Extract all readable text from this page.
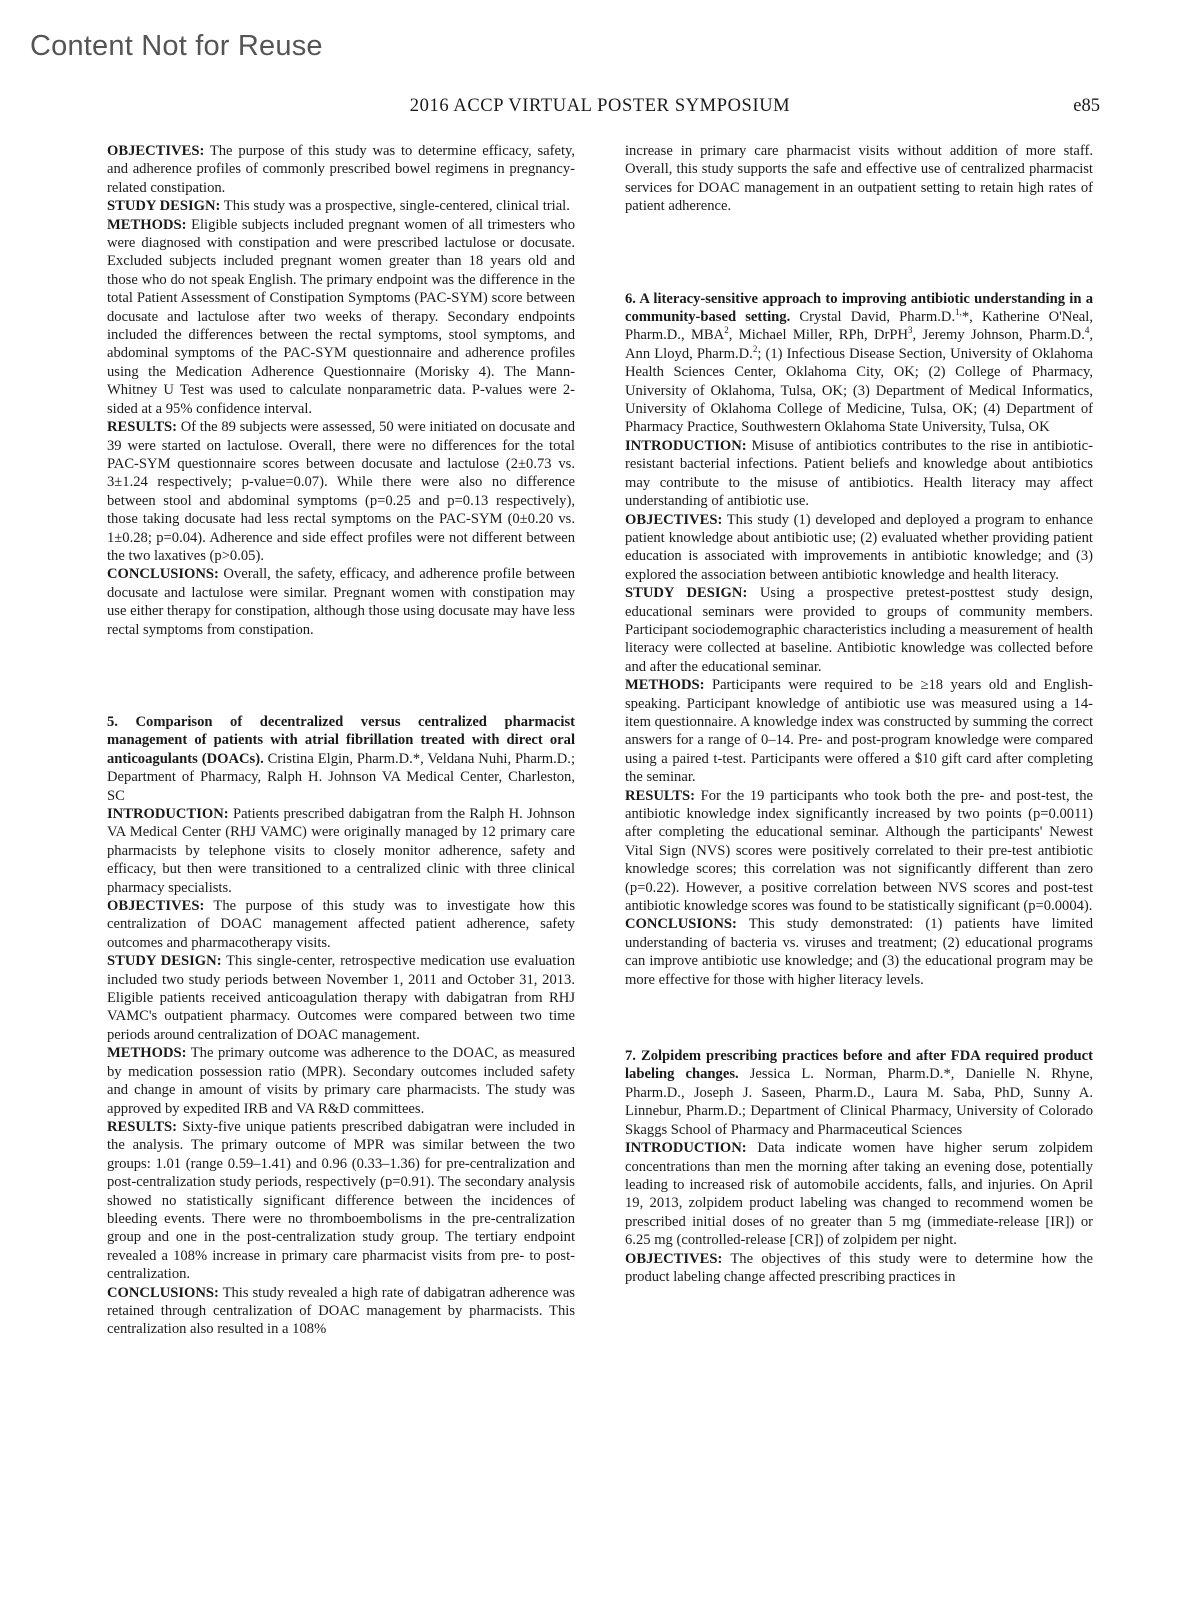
Content Not for Reuse
2016 ACCP VIRTUAL POSTER SYMPOSIUM	e85

OBJECTIVES: The purpose of this study was to determine efficacy, safety, and adherence profiles of commonly prescribed bowel regimens in pregnancy-related constipation.

STUDY DESIGN: This study was a prospective, single-centered, clinical trial.

METHODS: Eligible subjects included pregnant women of all trimesters who were diagnosed with constipation and were prescribed lactulose or docusate. Excluded subjects included pregnant women greater than 18 years old and those who do not speak English. The primary endpoint was the difference in the total Patient Assessment of Constipation Symptoms (PAC-SYM) score between docusate and lactulose after two weeks of therapy. Secondary endpoints included the differences between the rectal symptoms, stool symptoms, and abdominal symptoms of the PAC-SYM questionnaire and adherence profiles using the Medication Adherence Questionnaire (Morisky 4). The Mann-Whitney U Test was used to calculate nonparametric data. P-values were 2-sided at a 95% confidence interval.

RESULTS: Of the 89 subjects were assessed, 50 were initiated on docusate and 39 were started on lactulose. Overall, there were no differences for the total PAC-SYM questionnaire scores between docusate and lactulose (2±0.73 vs. 3±1.24 respectively; p-value=0.07). While there were also no difference between stool and abdominal symptoms (p=0.25 and p=0.13 respectively), those taking docusate had less rectal symptoms on the PAC-SYM (0±0.20 vs. 1±0.28; p=0.04). Adherence and side effect profiles were not different between the two laxatives (p>0.05).

CONCLUSIONS: Overall, the safety, efficacy, and adherence profile between docusate and lactulose were similar. Pregnant women with constipation may use either therapy for constipation, although those using docusate may have less rectal symptoms from constipation.

5. Comparison of decentralized versus centralized pharmacist management of patients with atrial fibrillation treated with direct oral anticoagulants (DOACs). Cristina Elgin, Pharm.D.*, Veldana Nuhi, Pharm.D.; Department of Pharmacy, Ralph H. Johnson VA Medical Center, Charleston, SC

INTRODUCTION: Patients prescribed dabigatran from the Ralph H. Johnson VA Medical Center (RHJ VAMC) were originally managed by 12 primary care pharmacists by telephone visits to closely monitor adherence, safety and efficacy, but then were transitioned to a centralized clinic with three clinical pharmacy specialists.

OBJECTIVES: The purpose of this study was to investigate how this centralization of DOAC management affected patient adherence, safety outcomes and pharmacotherapy visits.

STUDY DESIGN: This single-center, retrospective medication use evaluation included two study periods between November 1, 2011 and October 31, 2013. Eligible patients received anticoagulation therapy with dabigatran from RHJ VAMC's outpatient pharmacy. Outcomes were compared between two time periods around centralization of DOAC management.

METHODS: The primary outcome was adherence to the DOAC, as measured by medication possession ratio (MPR). Secondary outcomes included safety and change in amount of visits by primary care pharmacists. The study was approved by expedited IRB and VA R&D committees.

RESULTS: Sixty-five unique patients prescribed dabigatran were included in the analysis. The primary outcome of MPR was similar between the two groups: 1.01 (range 0.59–1.41) and 0.96 (0.33–1.36) for pre-centralization and post-centralization study periods, respectively (p=0.91). The secondary analysis showed no statistically significant difference between the incidences of bleeding events. There were no thromboembolisms in the pre-centralization group and one in the post-centralization study group. The tertiary endpoint revealed a 108% increase in primary care pharmacist visits from pre- to post-centralization.

CONCLUSIONS: This study revealed a high rate of dabigatran adherence was retained through centralization of DOAC management by pharmacists. This centralization also resulted in a 108%

increase in primary care pharmacist visits without addition of more staff. Overall, this study supports the safe and effective use of centralized pharmacist services for DOAC management in an outpatient setting to retain high rates of patient adherence.

6. A literacy-sensitive approach to improving antibiotic understanding in a community-based setting. Crystal David, Pharm.D.$^{1,}$*, Katherine O'Neal, Pharm.D., MBA$^2$, Michael Miller, RPh, DrPH$^3$, Jeremy Johnson, Pharm.D.$^4$, Ann Lloyd, Pharm.D.$^2$; (1) Infectious Disease Section, University of Oklahoma Health Sciences Center, Oklahoma City, OK; (2) College of Pharmacy, University of Oklahoma, Tulsa, OK; (3) Department of Medical Informatics, University of Oklahoma College of Medicine, Tulsa, OK; (4) Department of Pharmacy Practice, Southwestern Oklahoma State University, Tulsa, OK

INTRODUCTION: Misuse of antibiotics contributes to the rise in antibiotic-resistant bacterial infections. Patient beliefs and knowledge about antibiotics may contribute to the misuse of antibiotics. Health literacy may affect understanding of antibiotic use.

OBJECTIVES: This study (1) developed and deployed a program to enhance patient knowledge about antibiotic use; (2) evaluated whether providing patient education is associated with improvements in antibiotic knowledge; and (3) explored the association between antibiotic knowledge and health literacy.

STUDY DESIGN: Using a prospective pretest-posttest study design, educational seminars were provided to groups of community members. Participant sociodemographic characteristics including a measurement of health literacy were collected at baseline. Antibiotic knowledge was collected before and after the educational seminar.

METHODS: Participants were required to be ≥18 years old and English-speaking. Participant knowledge of antibiotic use was measured using a 14-item questionnaire. A knowledge index was constructed by summing the correct answers for a range of 0–14. Pre- and post-program knowledge were compared using a paired t-test. Participants were offered a $10 gift card after completing the seminar.

RESULTS: For the 19 participants who took both the pre- and post-test, the antibiotic knowledge index significantly increased by two points (p=0.0011) after completing the educational seminar. Although the participants' Newest Vital Sign (NVS) scores were positively correlated to their pre-test antibiotic knowledge scores; this correlation was not significantly different than zero (p=0.22). However, a positive correlation between NVS scores and post-test antibiotic knowledge scores was found to be statistically significant (p=0.0004).

CONCLUSIONS: This study demonstrated: (1) patients have limited understanding of bacteria vs. viruses and treatment; (2) educational programs can improve antibiotic use knowledge; and (3) the educational program may be more effective for those with higher literacy levels.

7. Zolpidem prescribing practices before and after FDA required product labeling changes. Jessica L. Norman, Pharm.D.*, Danielle N. Rhyne, Pharm.D., Joseph J. Saseen, Pharm.D., Laura M. Saba, PhD, Sunny A. Linnebur, Pharm.D.; Department of Clinical Pharmacy, University of Colorado Skaggs School of Pharmacy and Pharmaceutical Sciences

INTRODUCTION: Data indicate women have higher serum zolpidem concentrations than men the morning after taking an evening dose, potentially leading to increased risk of automobile accidents, falls, and injuries. On April 19, 2013, zolpidem product labeling was changed to recommend women be prescribed initial doses of no greater than 5 mg (immediate-release [IR]) or 6.25 mg (controlled-release [CR]) of zolpidem per night.

OBJECTIVES: The objectives of this study were to determine how the product labeling change affected prescribing practices in
